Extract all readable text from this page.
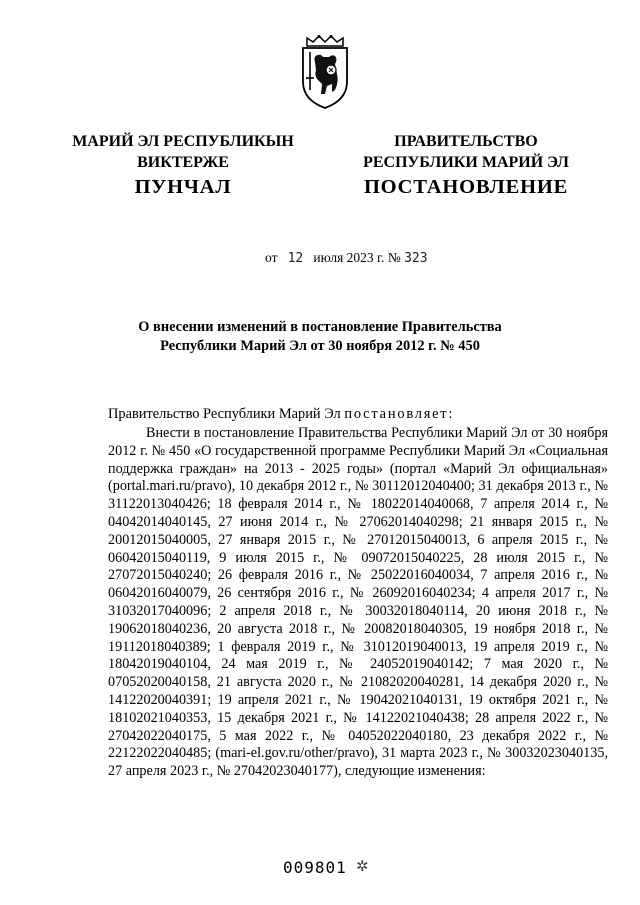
МАРИЙ ЭЛ РЕСПУБЛИКЫН
ВИКТЕРЖЕ
ПРАВИТЕЛЬСТВО
РЕСПУБЛИКИ МАРИЙ ЭЛ
ПУНЧАЛ	ПОСТАНОВЛЕНИЕ
от 12 июля 2023 г. № 323
О внесении изменений в постановление Правительства
Республики Марий Эл от 30 ноября 2012 г. № 450
Правительство Республики Марий Эл постановляет:
Внести в постановление Правительства Республики Марий Эл от 30 ноября 2012 г. № 450 «О государственной программе Республики Марий Эл «Социальная поддержка граждан» на 2013 - 2025 годы» (портал «Марий Эл официальная» (portal.mari.ru/pravo), 10 декабря 2012 г., № 30112012040400; 31 декабря 2013 г., № 31122013040426; 18 февраля 2014 г., № 18022014040068, 7 апреля 2014 г., № 04042014040145, 27 июня 2014 г., № 27062014040298; 21 января 2015 г., № 20012015040005, 27 января 2015 г., № 27012015040013, 6 апреля 2015 г., № 06042015040119, 9 июля 2015 г., № 09072015040225, 28 июля 2015 г., № 27072015040240; 26 февраля 2016 г., № 25022016040034, 7 апреля 2016 г., № 06042016040079, 26 сентября 2016 г., № 26092016040234; 4 апреля 2017 г., № 31032017040096; 2 апреля 2018 г., № 30032018040114, 20 июня 2018 г., № 19062018040236, 20 августа 2018 г., № 20082018040305, 19 ноября 2018 г., № 19112018040389; 1 февраля 2019 г., № 31012019040013, 19 апреля 2019 г., № 18042019040104, 24 мая 2019 г., № 24052019040142; 7 мая 2020 г., № 07052020040158, 21 августа 2020 г., № 21082020040281, 14 декабря 2020 г., № 14122020040391; 19 апреля 2021 г., № 19042021040131, 19 октября 2021 г., № 18102021040353, 15 декабря 2021 г., № 14122021040438; 28 апреля 2022 г., № 27042022040175, 5 мая 2022 г., № 04052022040180, 23 декабря 2022 г., № 22122022040485; (mari-el.gov.ru/other/pravo), 31 марта 2023 г., № 30032023040135, 27 апреля 2023 г., № 27042023040177), следующие изменения:
009801 ✲
